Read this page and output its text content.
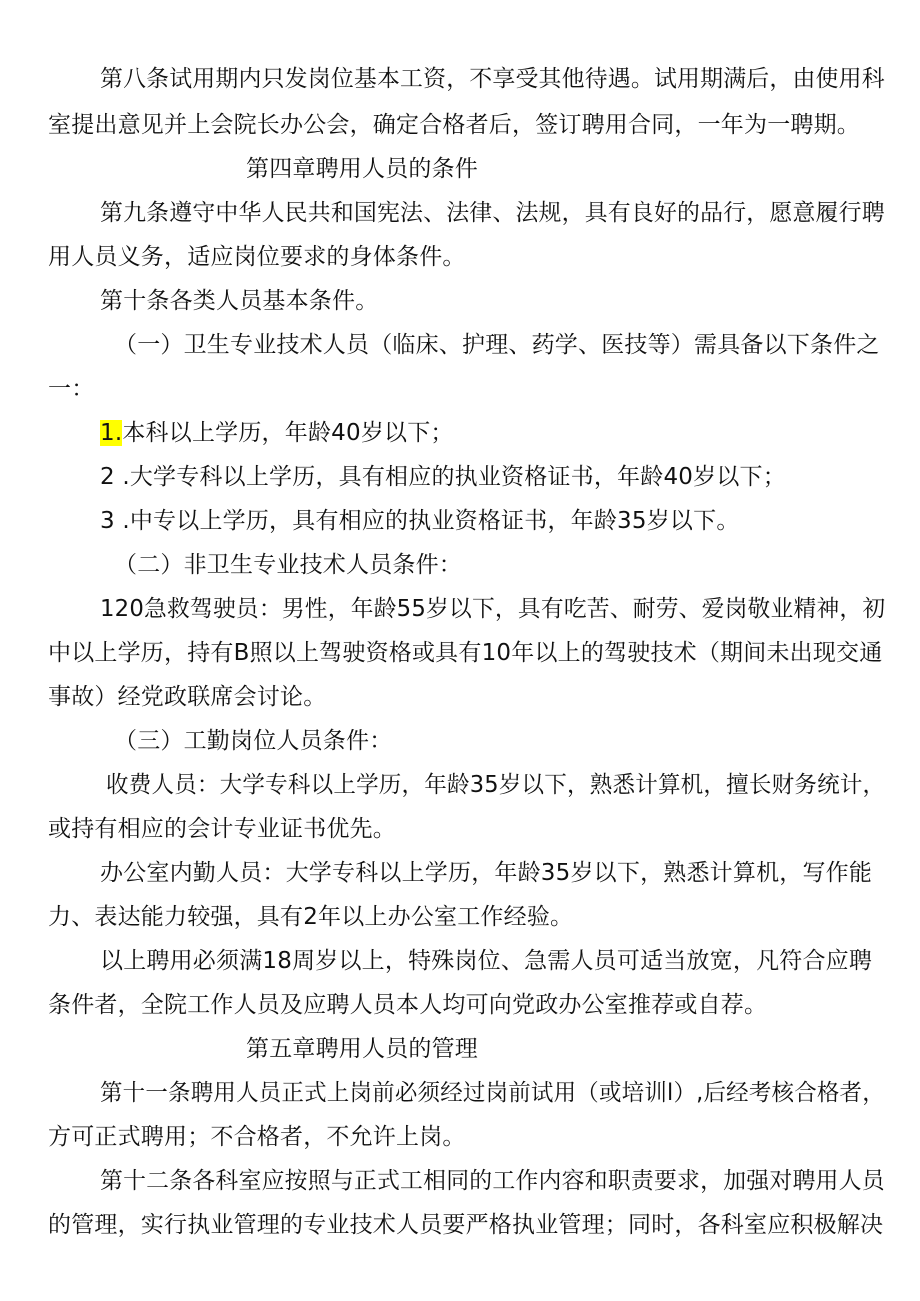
第八条试用期内只发岗位基本工资，不享受其他待遇。试用期满后，由使用科
室提出意见并上会院长办公会，确定合格者后，签订聘用合同，一年为一聘期。
第四章聘用人员的条件
第九条遵守中华人民共和国宪法、法律、法规，具有良好的品行，愿意履行聘
用人员义务，适应岗位要求的身体条件。
第十条各类人员基本条件。
（一）卫生专业技术人员（临床、护理、药学、医技等）需具备以下条件之
一：
1.本科以上学历，年龄40岁以下；
2 .大学专科以上学历，具有相应的执业资格证书，年龄40岁以下；
3 .中专以上学历，具有相应的执业资格证书，年龄35岁以下。
（二）非卫生专业技术人员条件：
120急救驾驶员：男性，年龄55岁以下，具有吃苦、耐劳、爱岗敬业精神，初
中以上学历，持有B照以上驾驶资格或具有10年以上的驾驶技术（期间未出现交通
事故）经党政联席会讨论。
（三）工勤岗位人员条件：
收费人员：大学专科以上学历，年龄35岁以下，熟悉计算机，擅长财务统计，
或持有相应的会计专业证书优先。
办公室内勤人员：大学专科以上学历，年龄35岁以下，熟悉计算机，写作能
力、表达能力较强，具有2年以上办公室工作经验。
以上聘用必须满18周岁以上，特殊岗位、急需人员可适当放宽，凡符合应聘
条件者，全院工作人员及应聘人员本人均可向党政办公室推荐或自荐。
第五章聘用人员的管理
第十一条聘用人员正式上岗前必须经过岗前试用（或培训l）,后经考核合格者，
方可正式聘用；不合格者，不允许上岗。
第十二条各科室应按照与正式工相同的工作内容和职责要求，加强对聘用人员
的管理，实行执业管理的专业技术人员要严格执业管理；同时，各科室应积极解决
